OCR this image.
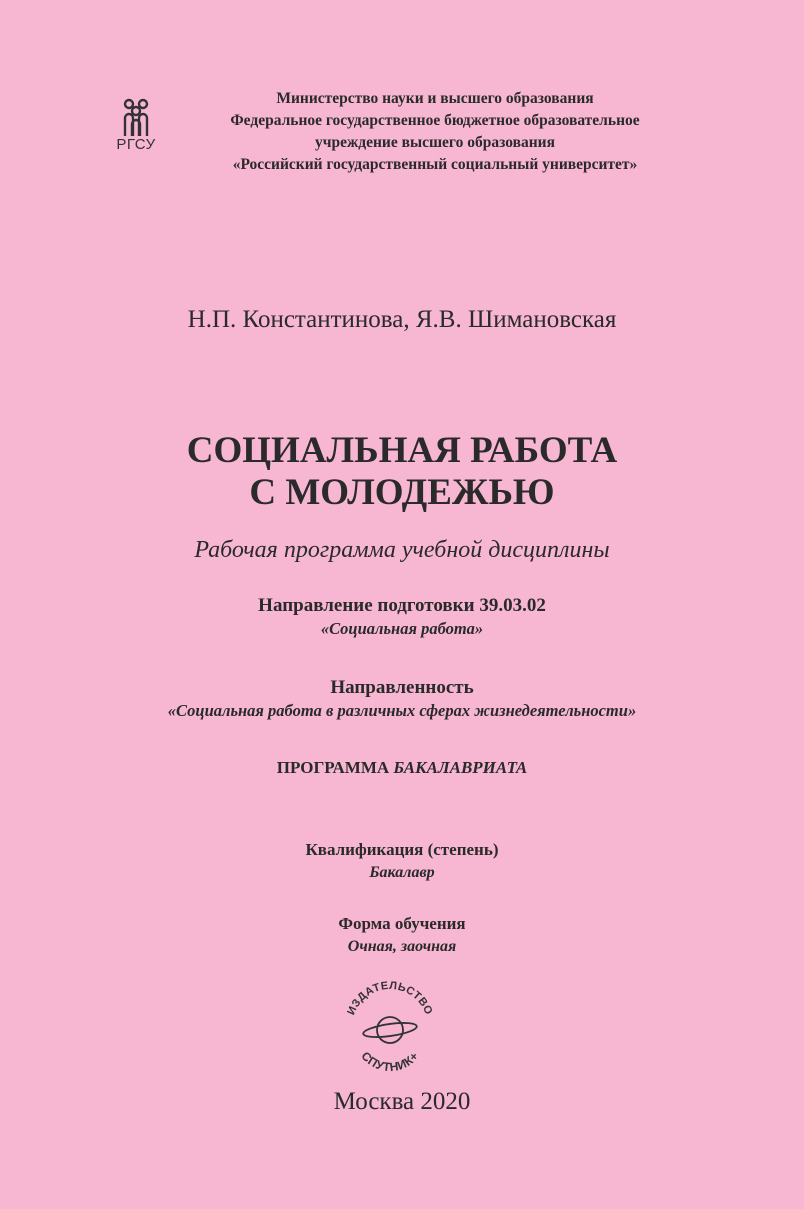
РГСУ
Министерство науки и высшего образования
Федеральное государственное бюджетное образовательное
учреждение высшего образования
«Российский государственный социальный университет»
Н.П. Константинова, Я.В. Шимановская
СОЦИАЛЬНАЯ РАБОТА
С МОЛОДЕЖЬЮ
Рабочая программа учебной дисциплины
Направление подготовки 39.03.02
«Социальная работа»
Направленность
«Социальная работа в различных сферах жизнедеятельности»
ПРОГРАММА БАКАЛАВРИАТА
Квалификация (степень)
Бакалавр
Форма обучения
Очная, заочная
ИЗДАТЕЛЬСТВО
СПУТНИК+
Москва 2020
